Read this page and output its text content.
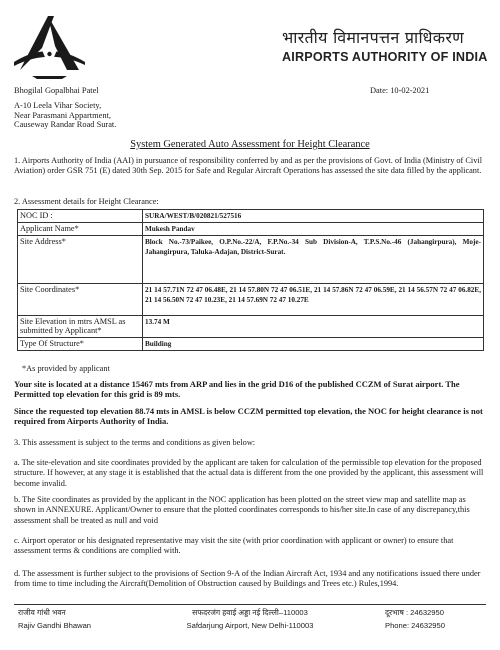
भारतीय विमानपत्तन प्राधिकरण
AIRPORTS AUTHORITY OF INDIA
Bhogilal Gopalbhai Patel	Date: 10-02-2021
A-10 Leela Vihar Society,
Near Parasmani Appartment,
Causeway Randar Road Surat.
System Generated Auto Assessment for Height Clearance
1. Airports Authority of India (AAI) in pursuance of responsibility conferred by and as per the provisions of Govt. of India (Ministry of Civil Aviation) order GSR 751 (E) dated 30th Sep. 2015 for Safe and Regular Aircraft Operations has assessed the site data filled by the applicant.
2. Assessment details for Height Clearance:
NOC ID :	SURA/WEST/B/020821/527516
Applicant Name*	Mukesh Pandav
Site Address*	Block No.-73/Paikee, O.P.No.-22/A, F.P.No.-34 Sub Division-A, T.P.S.No.-46 (Jahangirpura), Moje-Jahangirpura, Taluka-Adajan, District-Surat.
Site Coordinates*	21 14 57.71N 72 47 06.48E, 21 14 57.80N 72 47 06.51E, 21 14 57.86N 72 47 06.59E, 21 14 56.57N 72 47 06.82E, 21 14 56.50N 72 47 10.23E, 21 14 57.69N 72 47 10.27E
Site Elevation in mtrs AMSL as submitted by Applicant*	13.74 M
Type Of Structure*	Building
*As provided by applicant
Your site is located at a distance 15467 mts from ARP and lies in the grid D16 of the published CCZM of Surat airport. The Permitted top elevation for this grid is 89 mts.
Since the requested top elevation 88.74 mts in AMSL is below CCZM permitted top elevation, the NOC for height clearance is not required from Airports Authority of India.
3. This assessment is subject to the terms and conditions as given below:
a. The site-elevation and site coordinates provided by the applicant are taken for calculation of the permissible top elevation for the proposed structure. If however, at any stage it is established that the actual data is different from the one provided by the applicant, this assessment will become invalid.
b. The Site coordinates as provided by the applicant in the NOC application has been plotted on the street view map and satellite map as shown in ANNEXURE. Applicant/Owner to ensure that the plotted coordinates corresponds to his/her site.In case of any discrepancy,this assessment shall be treated as null and void
c. Airport operator or his designated representative may visit the site (with prior coordination with applicant or owner) to ensure that assessment terms & conditions are complied with.
d. The assessment is further subject to the provisions of Section 9-A of the Indian Aircraft Act, 1934 and any notifications issued there under from time to time including the Aircraft(Demolition of Obstruction caused by Buildings and Trees etc.) Rules,1994.
राजीव गांधी भवन
Rajiv Gandhi Bhawan
सफदरजंग हवाई अड्डा नई दिल्ली–110003
Safdarjung Airport, New Delhi-110003
दूरभाष : 24632950
Phone: 24632950
